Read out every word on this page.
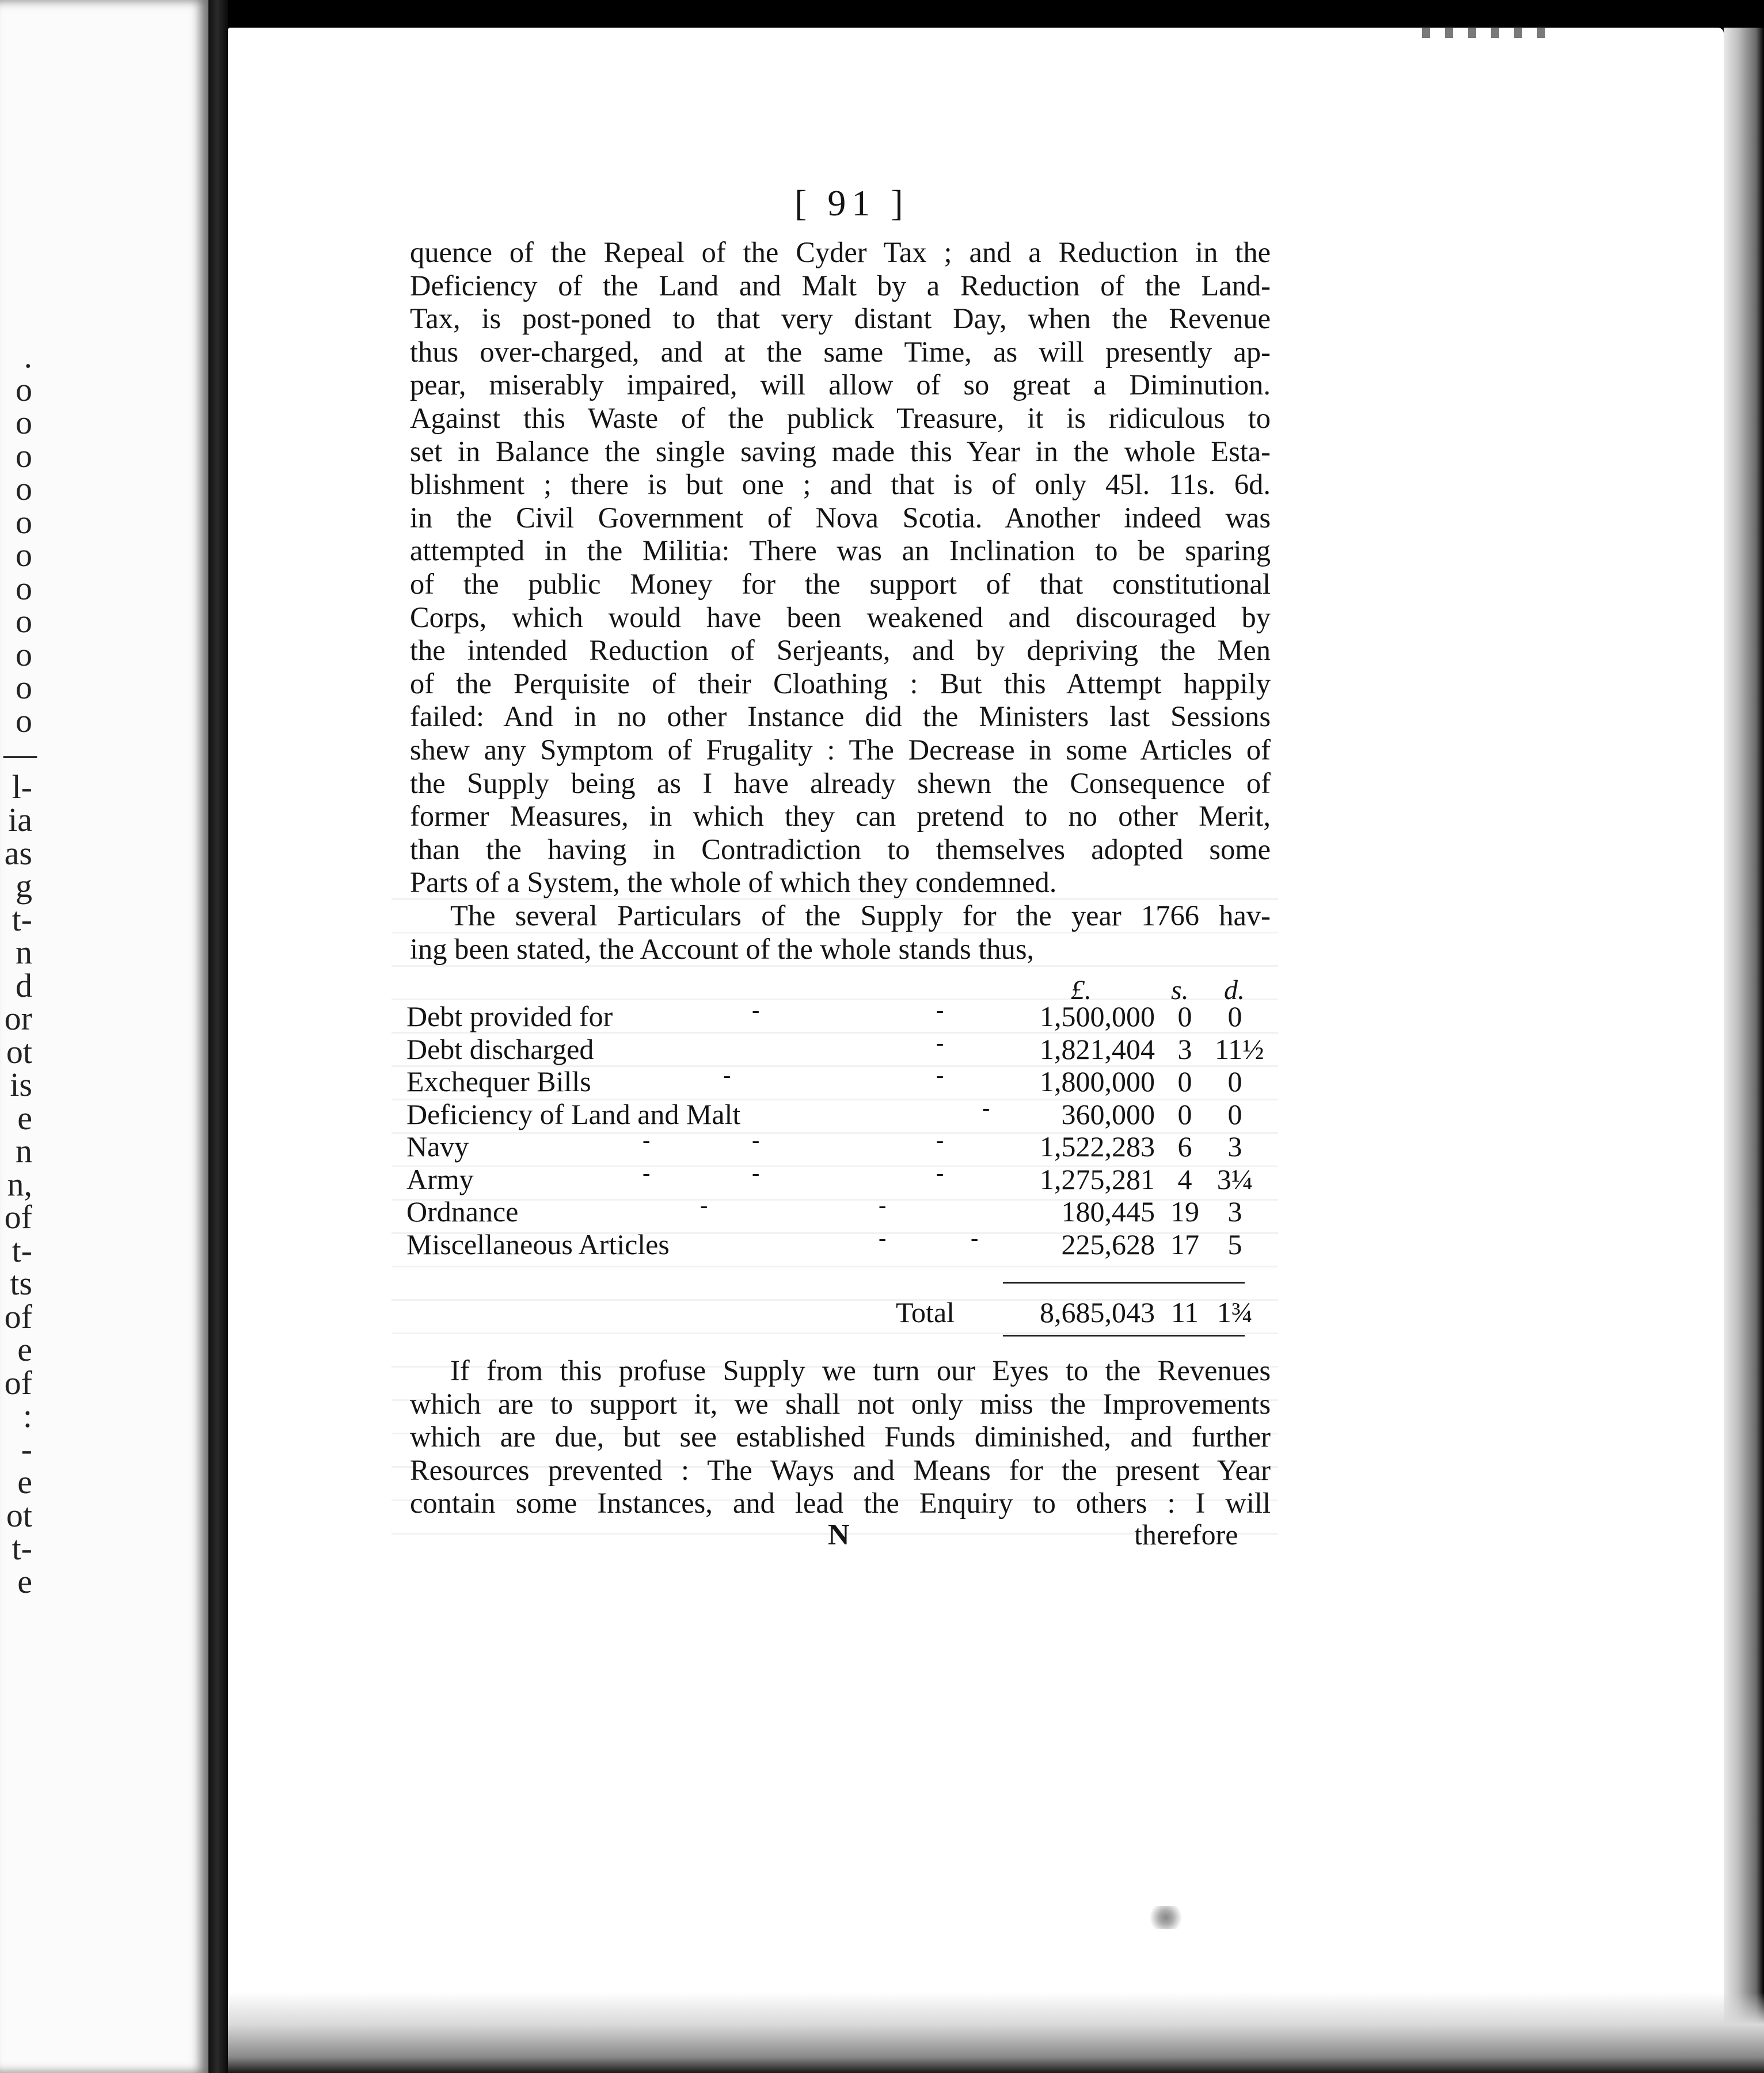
.
o
o
o
o
o
o
o
o
o
o
o
—
l-
ia
as
g
t-
n
d
or
ot
is
e
n
n,
of
t-
ts
of
e
of
:
-
e
ot
t-
e
[ 91 ]
quence of the Repeal of the Cyder Tax ; and a Reduction in the
Deficiency of the Land and Malt by a Reduction of the Land-
Tax, is post-poned to that very distant Day, when the Revenue
thus over-charged, and at the same Time, as will presently ap-
pear, miserably impaired, will allow of so great a Diminution.
Against this Waste of the publick Treasure, it is ridiculous to
set in Balance the single saving made this Year in the whole Esta-
blishment ; there is but one ; and that is of only 45l. 11s. 6d.
in the Civil Government of Nova Scotia. Another indeed was
attempted in the Militia: There was an Inclination to be sparing
of the public Money for the support of that constitutional
Corps, which would have been weakened and discouraged by
the intended Reduction of Serjeants, and by depriving the Men
of the Perquisite of their Cloathing : But this Attempt happily
failed: And in no other Instance did the Ministers last Sessions
shew any Symptom of Frugality : The Decrease in some Articles of
the Supply being as I have already shewn the Consequence of
former Measures, in which they can pretend to no other Merit,
than the having in Contradiction to themselves adopted some
Parts of a System, the whole of which they condemned.
The several Particulars of the Supply for the year 1766 hav-
ing been stated, the Account of the whole stands thus,
£.	s. d.
Debt provided for	1,500,000 0	0
-	-
Debt discharged	1,821,404 3 11½
-
Exchequer Bills	1,800,000 0	0
-	-
Deficiency of Land and Malt	360,000 0	0
-
Navy	1,522,283 6	3
-	-	-
Army	1,275,281 4 3¼
-	-	-
Ordnance	180,445 19 3
-	-
Miscellaneous Articles	225,628 17 5
-	-
Total	8,685,043 11 1¾
If from this profuse Supply we turn our Eyes to the Revenues
which are to support it, we shall not only miss the Improvements
which are due, but see established Funds diminished, and further
Resources prevented : The Ways and Means for the present Year
contain some Instances, and lead the Enquiry to others : I will
N	therefore
